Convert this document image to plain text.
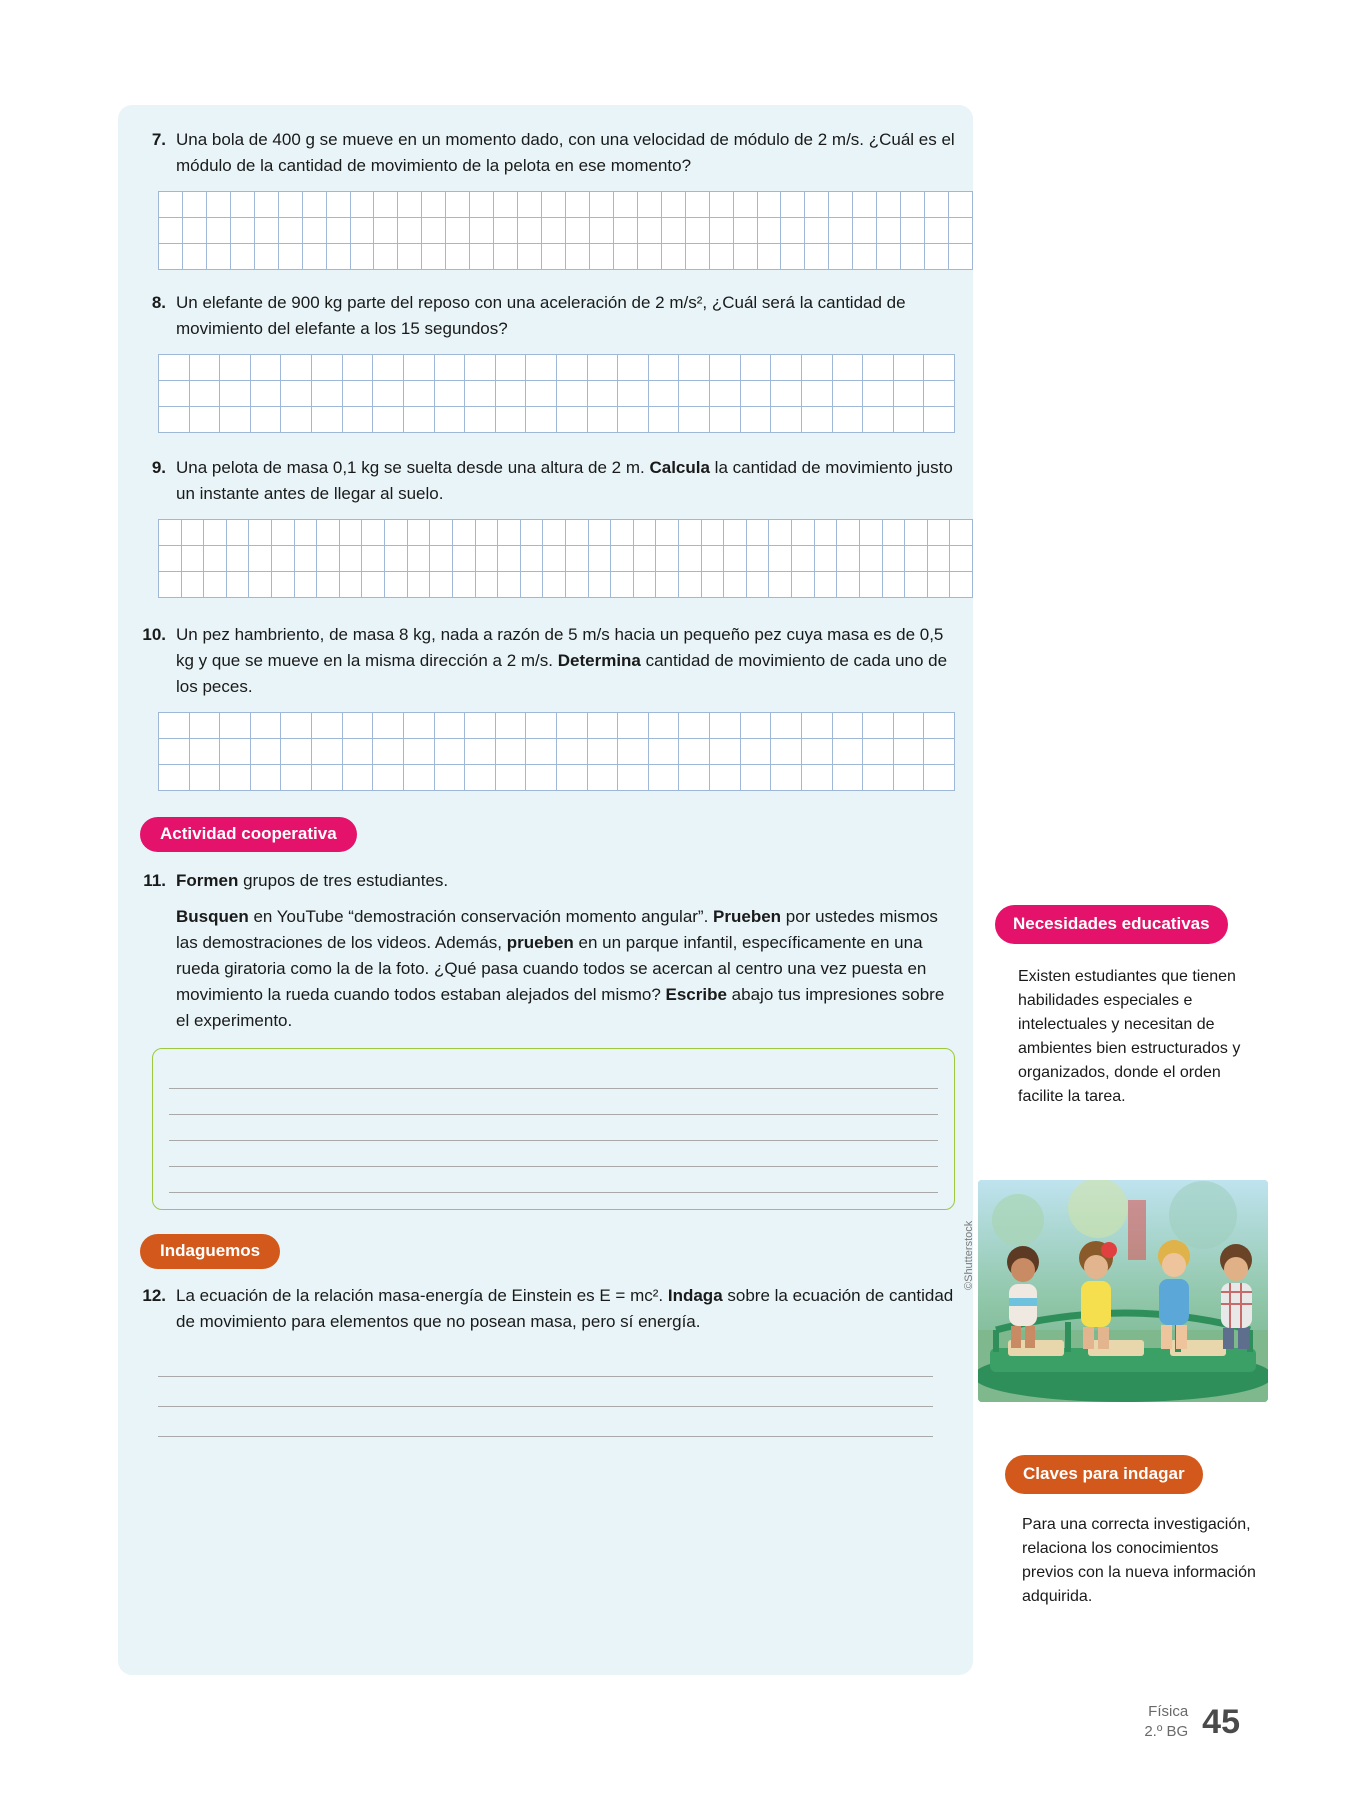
7. Una bola de 400 g se mueve en un momento dado, con una velocidad de módulo de 2 m/s. ¿Cuál es el módulo de la cantidad de movimiento de la pelota en ese momento?
8. Un elefante de 900 kg parte del reposo con una aceleración de 2 m/s², ¿Cuál será la cantidad de movimiento del elefante a los 15 segundos?
9. Una pelota de masa 0,1 kg se suelta desde una altura de 2 m. Calcula la cantidad de movimiento justo un instante antes de llegar al suelo.
10. Un pez hambriento, de masa 8 kg, nada a razón de 5 m/s hacia un pequeño pez cuya masa es de 0,5 kg y que se mueve en la misma dirección a 2 m/s. Determina cantidad de movimiento de cada uno de los peces.
Actividad cooperativa
11. Formen grupos de tres estudiantes.
Busquen en YouTube “demostración conservación momento angular”. Prueben por ustedes mismos las demostraciones de los videos. Además, prueben en un parque infantil, específicamente en una rueda giratoria como la de la foto. ¿Qué pasa cuando todos se acercan al centro una vez puesta en movimiento la rueda cuando todos estaban alejados del mismo? Escribe abajo tus impresiones sobre el experimento.
Indaguemos
12. La ecuación de la relación masa-energía de Einstein es E = mc². Indaga sobre la ecuación de cantidad de movimiento para elementos que no posean masa, pero sí energía.
Necesidades educativas
Existen estudiantes que tienen habilidades especiales e intelectuales y necesitan de ambientes bien estructurados y organizados, donde el orden facilite la tarea.
©Shutterstock
Claves para indagar
Para una correcta investigación, relaciona los conocimientos previos con la nueva información adquirida.
Física
2.º BG 45
